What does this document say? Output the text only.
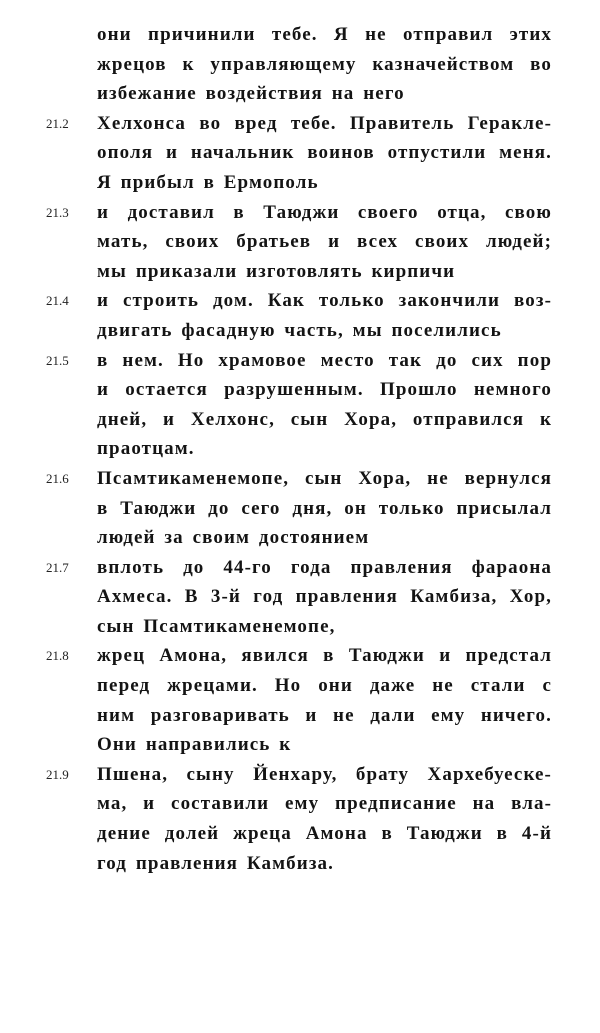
они причинили тебе. Я не отправил этих
жрецов к управляющему казначейством во
избежание воздействия на него
21.2 Хелхонса во вред тебе. Правитель Гераклe-
ополя и начальник воинов отпустили меня.
Я прибыл в Ермополь
21.3 и доставил в Таюджи своего отца, свою
мать, своих братьев и всех своих людей;
мы приказали изготовлять кирпичи
21.4 и строить дом. Как только закончили воз-
двигать фасадную часть, мы поселились
21.5 в нем. Но храмовое место так до сих пор
и остается разрушенным. Прошло немного
дней, и Хелхонс, сын Хора, отправился к
праотцам.
21.6 Псамтикаменемопе, сын Хора, не вернулся
в Таюджи до сего дня, он только присылал
людей за своим достоянием
21.7 вплоть до 44-го года правления фараона
Ахмеса. В 3-й год правления Камбиза, Хор,
сын Псамтикаменемопе,
21.8 жрец Амона, явился в Таюджи и предстал
перед жрецами. Но они даже не стали с
ним разговаривать и не дали ему ничего.
Они направились к
21.9 Пшена, сыну Йенхару, брату Хархебуеске-
ма, и составили ему предписание на вла-
дение долей жреца Амона в Таюджи в 4-й
год правления Камбиза.
